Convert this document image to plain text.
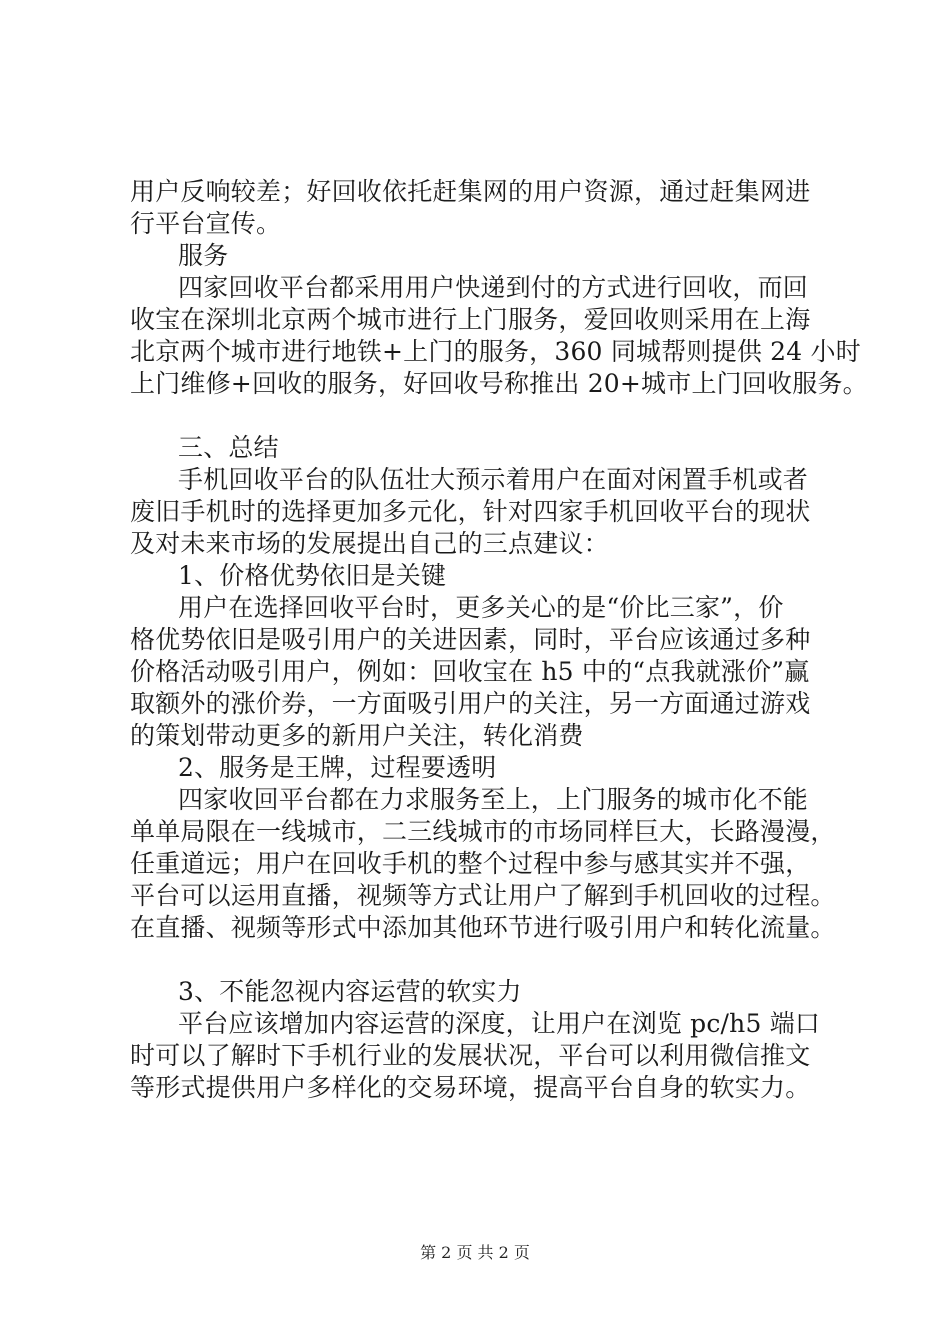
用户反响较差；好回收依托赶集网的用户资源，通过赶集网进
行平台宣传。
服务
四家回收平台都采用用户快递到付的方式进行回收，而回
收宝在深圳北京两个城市进行上门服务，爱回收则采用在上海
北京两个城市进行地铁+上门的服务，360 同城帮则提供 24 小时
上门维修+回收的服务，好回收号称推出 20+城市上门回收服务。
三、总结
手机回收平台的队伍壮大预示着用户在面对闲置手机或者
废旧手机时的选择更加多元化，针对四家手机回收平台的现状
及对未来市场的发展提出自己的三点建议：
1、价格优势依旧是关键
用户在选择回收平台时，更多关心的是“价比三家”，价
格优势依旧是吸引用户的关进因素，同时，平台应该通过多种
价格活动吸引用户，例如：回收宝在 h5 中的“点我就涨价”赢
取额外的涨价券，一方面吸引用户的关注，另一方面通过游戏
的策划带动更多的新用户关注，转化消费
2、服务是王牌，过程要透明
四家收回平台都在力求服务至上，上门服务的城市化不能
单单局限在一线城市，二三线城市的市场同样巨大，长路漫漫，
任重道远；用户在回收手机的整个过程中参与感其实并不强，
平台可以运用直播，视频等方式让用户了解到手机回收的过程。
在直播、视频等形式中添加其他环节进行吸引用户和转化流量。
3、不能忽视内容运营的软实力
平台应该增加内容运营的深度，让用户在浏览 pc/h5 端口
时可以了解时下手机行业的发展状况，平台可以利用微信推文
等形式提供用户多样化的交易环境，提高平台自身的软实力。
第 2 页 共 2 页
